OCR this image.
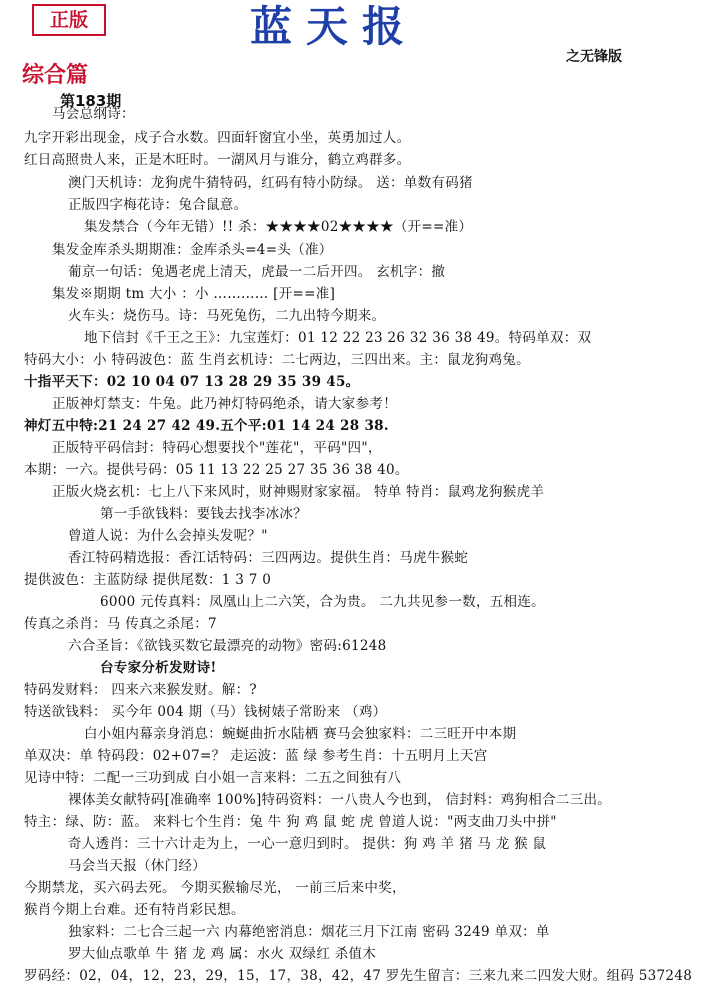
正版	蓝天报
之无锋版
综合篇
第183期
马会总纲诗：
九字开彩出现金，戍子合水数。四面轩窗宜小坐，英勇加过人。
红日高照贵人来，正是木旺时。一湖风月与谁分，鹤立鸡群多。
澳门天机诗：龙狗虎牛猜特码，红码有特小防绿。 送：单数有码猪
正版四字梅花诗：兔合鼠意。
集发禁合（今年无错）!! 杀：★★★★02★★★★（开==准）
集发金库杀头期期准：金库杀头=4=头（准）
葡京一句话：兔遇老虎上清天，虎最一二后开四。 玄机字：撤
集发※期期 tm 大小 ：小 ………… [开==准]
火车头：烧伤马。诗：马死兔伤，二九出特今期来。
地下信封《千王之王》：九宝莲灯：01 12 22 23 26 32 36 38 49。特码单双：双
特码大小：小 特码波色：蓝 生肖玄机诗：二七两边，三四出来。主：鼠龙狗鸡兔。
十指平天下：02 10 04 07 13 28 29 35 39 45。
正版神灯禁支：牛兔。此乃神灯特码绝杀，请大家参考！
神灯五中特:21 24 27 42 49.五个平:01 14 24 28 38.
正版特平码信封：特码心想要找个"莲花"，平码"四"，
本期：一六。提供号码：05 11 13 22 25 27 35 36 38 40。
正版火烧玄机：七上八下来风时，财神赐财家家福。 特单 特肖：鼠鸡龙狗猴虎羊
第一手欲钱料：要钱去找李冰冰？
曾道人说：为什么会掉头发呢？"
香江特码精选报：香江话特码：三四两边。提供生肖：马虎牛猴蛇
提供波色：主蓝防绿 提供尾数：1 3 7 0
6000 元传真料：凤凰山上二六笑，合为贵。 二九共见参一数，五相连。
传真之杀肖：马 传真之杀尾：7
六合圣旨：《欲钱买数它最漂亮的动物》密码:61248
台专家分析发财诗!
特码发财料： 四来六来猴发财。解：?
特送欲钱料： 买今年 004 期（马）钱树婊子常盼来 （鸡）
白小姐内幕亲身消息：蜿蜒曲折水陆栖 赛马会独家料：二三旺开中本期
单双决：单 特码段：02+07=？ 走运波：蓝 绿 参考生肖：十五明月上天宫
见诗中特：二配一三功到成 白小姐一言来料：二五之间独有八
裸体美女献特码[准确率 100%]特码资料：一八贵人今也到， 信封料：鸡狗相合二三出。
特主：绿、防：蓝。 来料七个生肖：兔 牛 狗 鸡 鼠 蛇 虎 曾道人说："两支曲刀头中拼"
奇人透肖：三十六计走为上，一心一意归到时。 提供：狗 鸡 羊 猪 马 龙 猴 鼠
马会当天报（休门经）
今期禁龙，买六码去死。 今期买猴输尽光， 一前三后来中奖，
猴肖今期上台难。还有特肖彩民想。
独家料：二七合三起一六 内幕绝密消息：烟花三月下江南 密码 3249 单双：单
罗大仙点歌单 牛 猪 龙 鸡 属：水火 双绿红 杀值木
罗码经：02，04，12，23，29，15，17，38，42，47 罗先生留言：三来九来二四发大财。组码 537248
